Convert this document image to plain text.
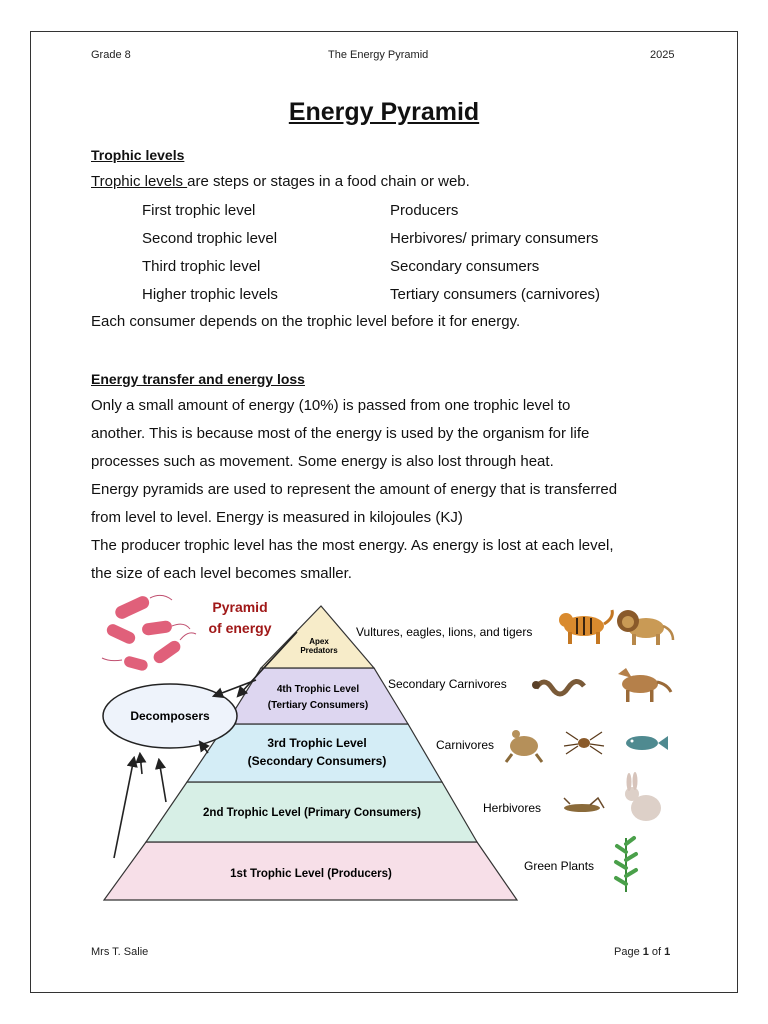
Grade 8	The Energy Pyramid	2025
Energy Pyramid
Trophic levels
Trophic levels are steps or stages in a food chain or web.
First trophic level	Producers
Second trophic level	Herbivores/ primary consumers
Third trophic level	Secondary consumers
Higher trophic levels	Tertiary consumers (carnivores)
Each consumer depends on the trophic level before it for energy.
Energy transfer and energy loss
Only a small amount of energy (10%) is passed from one trophic level to
another. This is because most of the energy is used by the organism for life
processes such as movement. Some energy is also lost through heat.
Energy pyramids are used to represent the amount of energy that is transferred
from level to level. Energy is measured in kilojoules (KJ)
The producer trophic level has the most energy. As energy is lost at each level,
the size of each level becomes smaller.
Pyramid
of energy
Apex
Predators
4th Trophic Level
(Tertiary Consumers)
3rd Trophic Level
(Secondary Consumers)
2nd Trophic Level (Primary Consumers)
1st Trophic Level (Producers)
Decomposers
Vultures, eagles, lions, and tigers
Secondary Carnivores
Carnivores
Herbivores
Green Plants
Mrs T. Salie	Page 1 of 1
